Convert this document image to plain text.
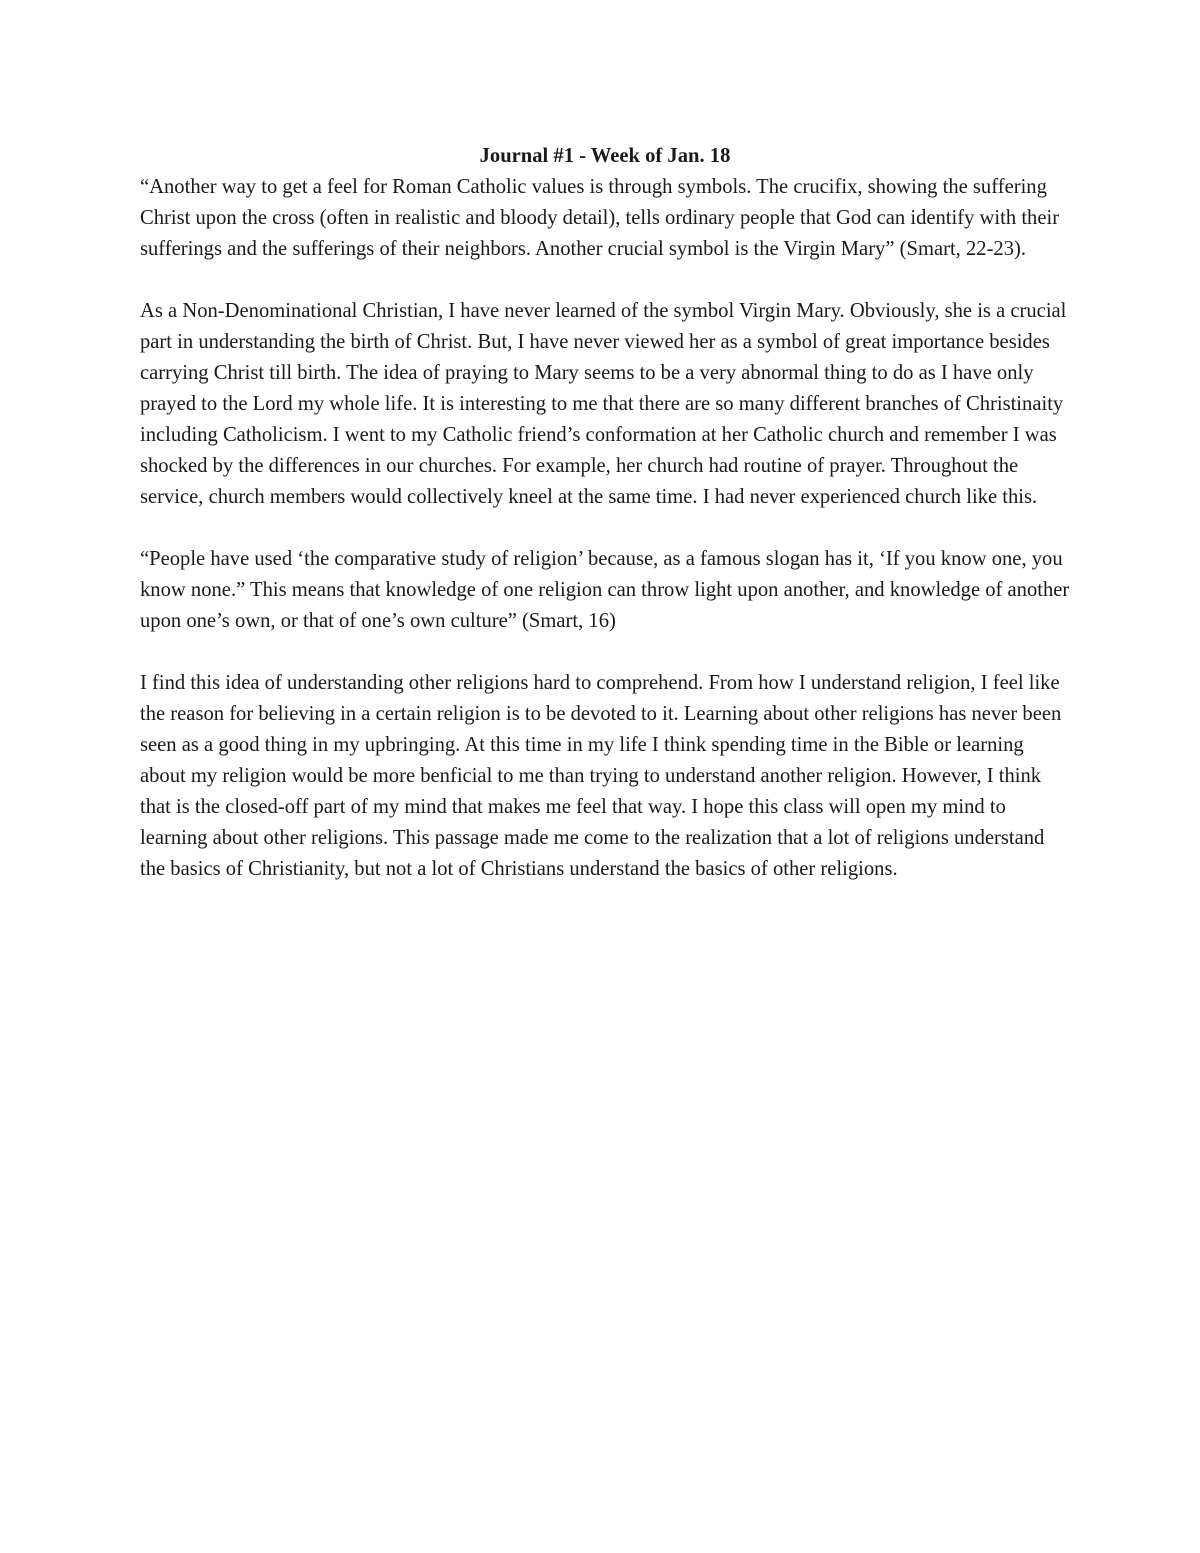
Journal #1 - Week of Jan. 18

“Another way to get a feel for Roman Catholic values is through symbols. The crucifix, showing the suffering Christ upon the cross (often in realistic and bloody detail), tells ordinary people that God can identify with their sufferings and the sufferings of their neighbors. Another crucial symbol is the Virgin Mary” (Smart, 22-23).

As a Non-Denominational Christian, I have never learned of the symbol Virgin Mary. Obviously, she is a crucial part in understanding the birth of Christ. But, I have never viewed her as a symbol of great importance besides carrying Christ till birth. The idea of praying to Mary seems to be a very abnormal thing to do as I have only prayed to the Lord my whole life. It is interesting to me that there are so many different branches of Christinaity including Catholicism. I went to my Catholic friend’s conformation at her Catholic church and remember I was shocked by the differences in our churches. For example, her church had routine of prayer. Throughout the service, church members would collectively kneel at the same time. I had never experienced church like this.

“People have used ‘the comparative study of religion’ because, as a famous slogan has it, ‘If you know one, you know none.” This means that knowledge of one religion can throw light upon another, and knowledge of another upon one’s own, or that of one’s own culture” (Smart, 16)

I find this idea of understanding other religions hard to comprehend. From how I understand religion, I feel like the reason for believing in a certain religion is to be devoted to it. Learning about other religions has never been seen as a good thing in my upbringing. At this time in my life I think spending time in the Bible or learning about my religion would be more benficial to me than trying to understand another religion. However, I think that is the closed-off part of my mind that makes me feel that way. I hope this class will open my mind to learning about other religions. This passage made me come to the realization that a lot of religions understand the basics of Christianity, but not a lot of Christians understand the basics of other religions.
